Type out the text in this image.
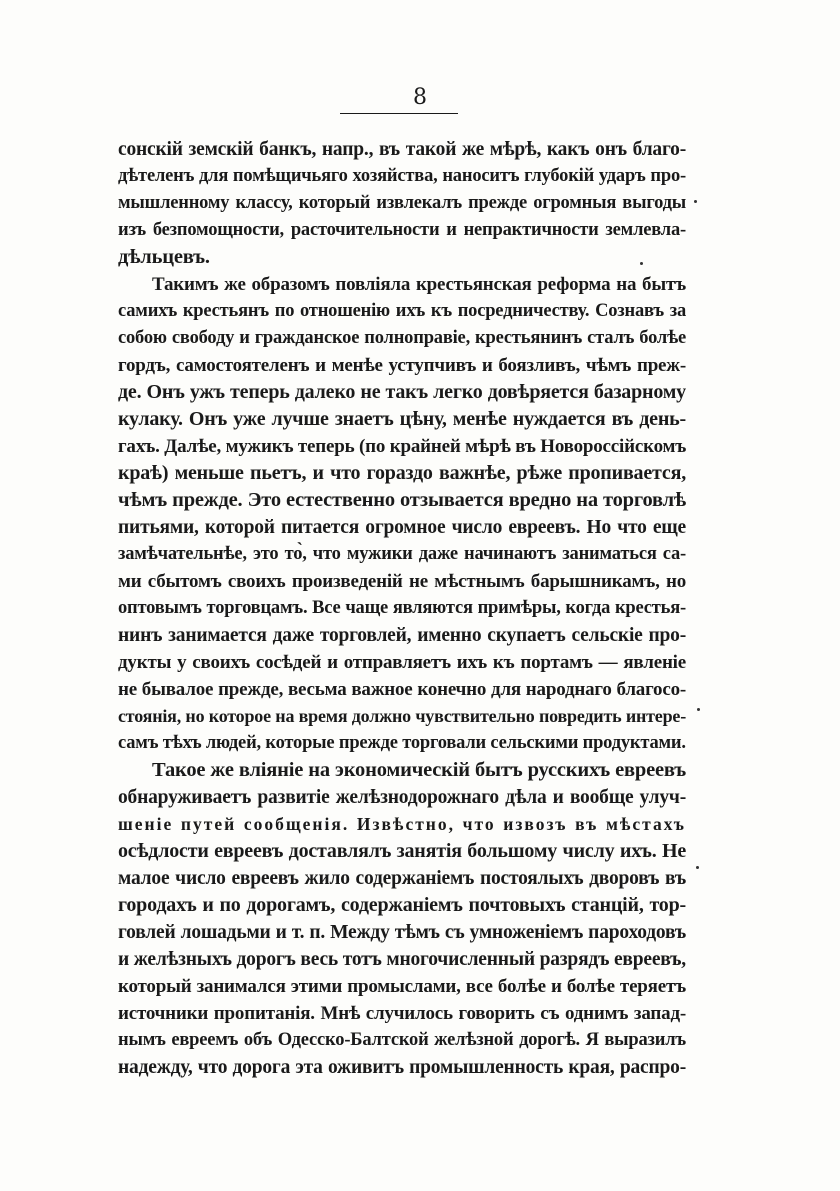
8

сонскій земскій банкъ, напр., въ такой же мѣрѣ, какъ онъ благо-
дѣтеленъ для помѣщичьяго хозяйства, наноситъ глубокій ударъ про-
мышленному классу, который извлекалъ прежде огромныя выгоды
изъ безпомощности, расточительности и непрактичности землевла-
дѣльцевъ.

Такимъ же образомъ повліяла крестьянская реформа на бытъ
самихъ крестьянъ по отношенію ихъ къ посредничеству. Сознавъ за
собою свободу и гражданское полноправіе, крестьянинъ сталъ болѣе
гордъ, самостоятеленъ и менѣе уступчивъ и боязливъ, чѣмъ преж-
де. Онъ ужъ теперь далеко не такъ легко довѣряется базарному
кулаку. Онъ уже лучше знаетъ цѣну, менѣе нуждается въ день-
гахъ. Далѣе, мужикъ теперь (по крайней мѣрѣ въ Новороссійскомъ
краѣ) меньше пьетъ, и что гораздо важнѣе, рѣже пропивается,
чѣмъ прежде. Это естественно отзывается вредно на торговлѣ
питьями, которой питается огромное число евреевъ. Но что еще
замѣчательнѣе, это то̀, что мужики даже начинаютъ заниматься са-
ми сбытомъ своихъ произведеній не мѣстнымъ барышникамъ, но
оптовымъ торговцамъ. Все чаще являются примѣры, когда крестья-
нинъ занимается даже торговлей, именно скупаетъ сельскіе про-
дукты у своихъ сосѣдей и отправляетъ ихъ къ портамъ — явленіе
не бывалое прежде, весьма важное конечно для народнаго благосо-
стоянія, но которое на время должно чувствительно повредить интере-
самъ тѣхъ людей, которые прежде торговали сельскими продуктами.

Такое же вліяніе на экономическій бытъ русскихъ евреевъ
обнаруживаетъ развитіе желѣзнодорожнаго дѣла и вообще улуч-
шеніе путей сообщенія. Извѣстно, что извозъ въ мѣстахъ
осѣдлости евреевъ доставлялъ занятія большому числу ихъ. Не
малое число евреевъ жило содержаніемъ постоялыхъ дворовъ въ
городахъ и по дорогамъ, содержаніемъ почтовыхъ станцій, тор-
говлей лошадьми и т. п. Между тѣмъ съ умноженіемъ пароходовъ
и желѣзныхъ дорогъ весь тотъ многочисленный разрядъ евреевъ,
который занимался этими промыслами, все болѣе и болѣе теряетъ
источники пропитанія. Мнѣ случилось говорить съ однимъ запад-
нымъ евреемъ объ Одесско-Балтской желѣзной дорогѣ. Я выразилъ
надежду, что дорога эта оживитъ промышленность края, распро-
